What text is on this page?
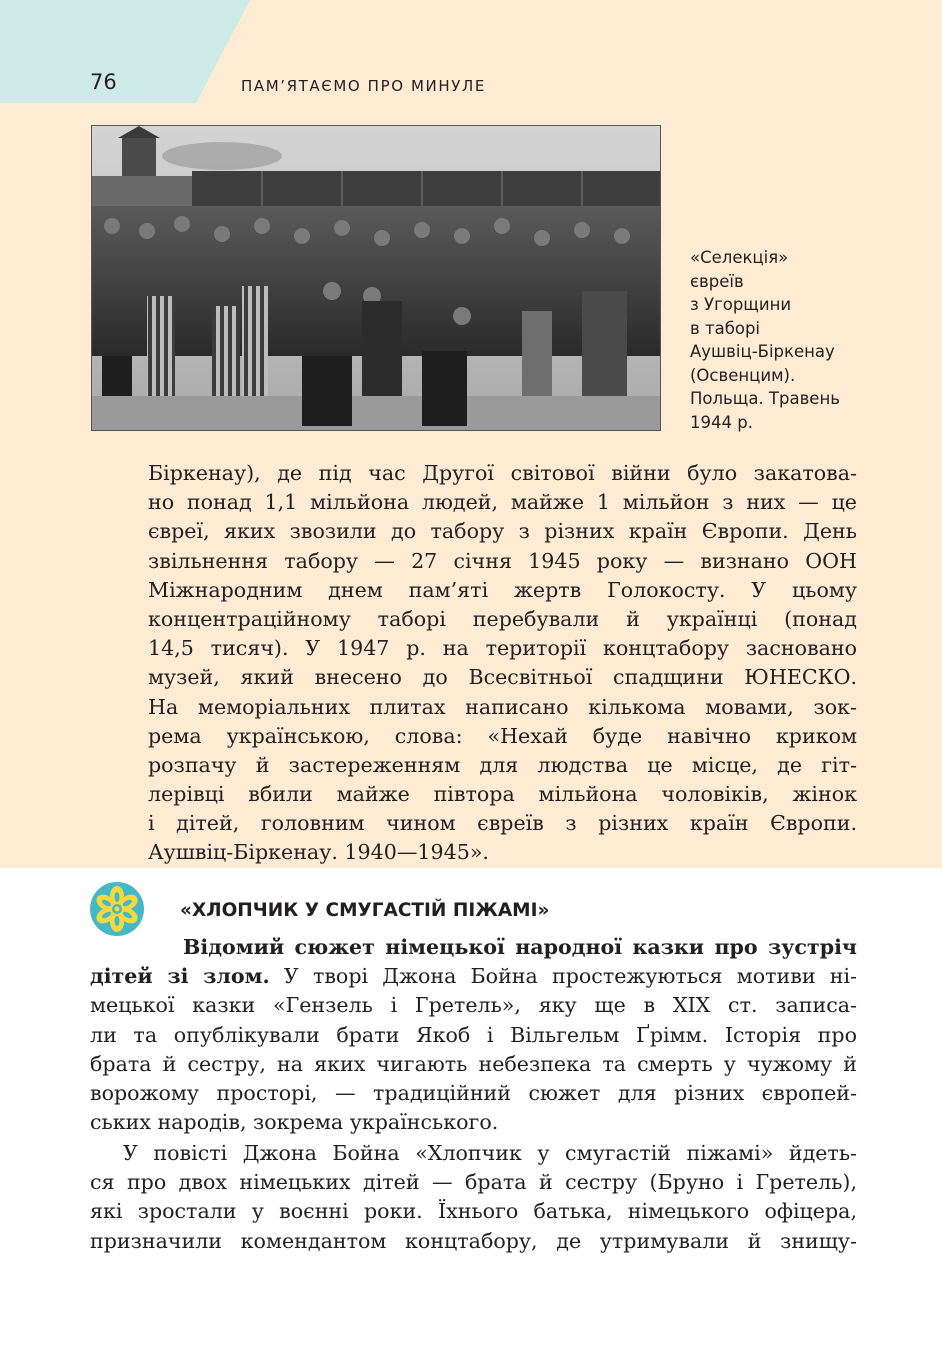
76	ПАМ’ЯТАЄМО ПРО МИНУЛЕ
«Селекція»
євреїв
з Угорщини
в таборі
Аушвіц-Біркенау
(Освенцим).
Польща. Травень
1944 р.
Біркенау), де під час Другої світової війни було закатова-
но понад 1,1 мільйона людей, майже 1 мільйон з них — це
євреї, яких звозили до табору з різних країн Європи. День
звільнення табору — 27 січня 1945 року — визнано ООН
Міжнародним днем пам’яті жертв Голокосту. У цьому
концентраційному таборі перебували й українці (понад
14,5 тисяч). У 1947 р. на території концтабору засновано
музей, який внесено до Всесвітньої спадщини ЮНЕСКО.
На меморіальних плитах написано кількома мовами, зок-
рема українською, слова: «Нехай буде навічно криком
розпачу й застереженням для людства це місце, де гіт-
лерівці вбили майже півтора мільйона чоловіків, жінок
і дітей, головним чином євреїв з різних країн Європи.
Аушвіц-Біркенау. 1940—1945».
«ХЛОПЧИК У СМУГАСТІЙ ПІЖАМІ»
Відомий сюжет німецької народної казки про зустріч
дітей зі злом. У творі Джона Бойна простежуються мотиви ні-
мецької казки «Гензель і Гретель», яку ще в ХІХ ст. записа-
ли та опублікували брати Якоб і Вільгельм Ґрімм. Історія про
брата й сестру, на яких чигають небезпека та смерть у чужому й
ворожому просторі, — традиційний сюжет для різних європей-
ських народів, зокрема українського.
У повісті Джона Бойна «Хлопчик у смугастій піжамі» йдеть-
ся про двох німецьких дітей — брата й сестру (Бруно і Гретель),
які зростали у воєнні роки. Їхнього батька, німецького офіцера,
призначили комендантом концтабору, де утримували й знищу-
